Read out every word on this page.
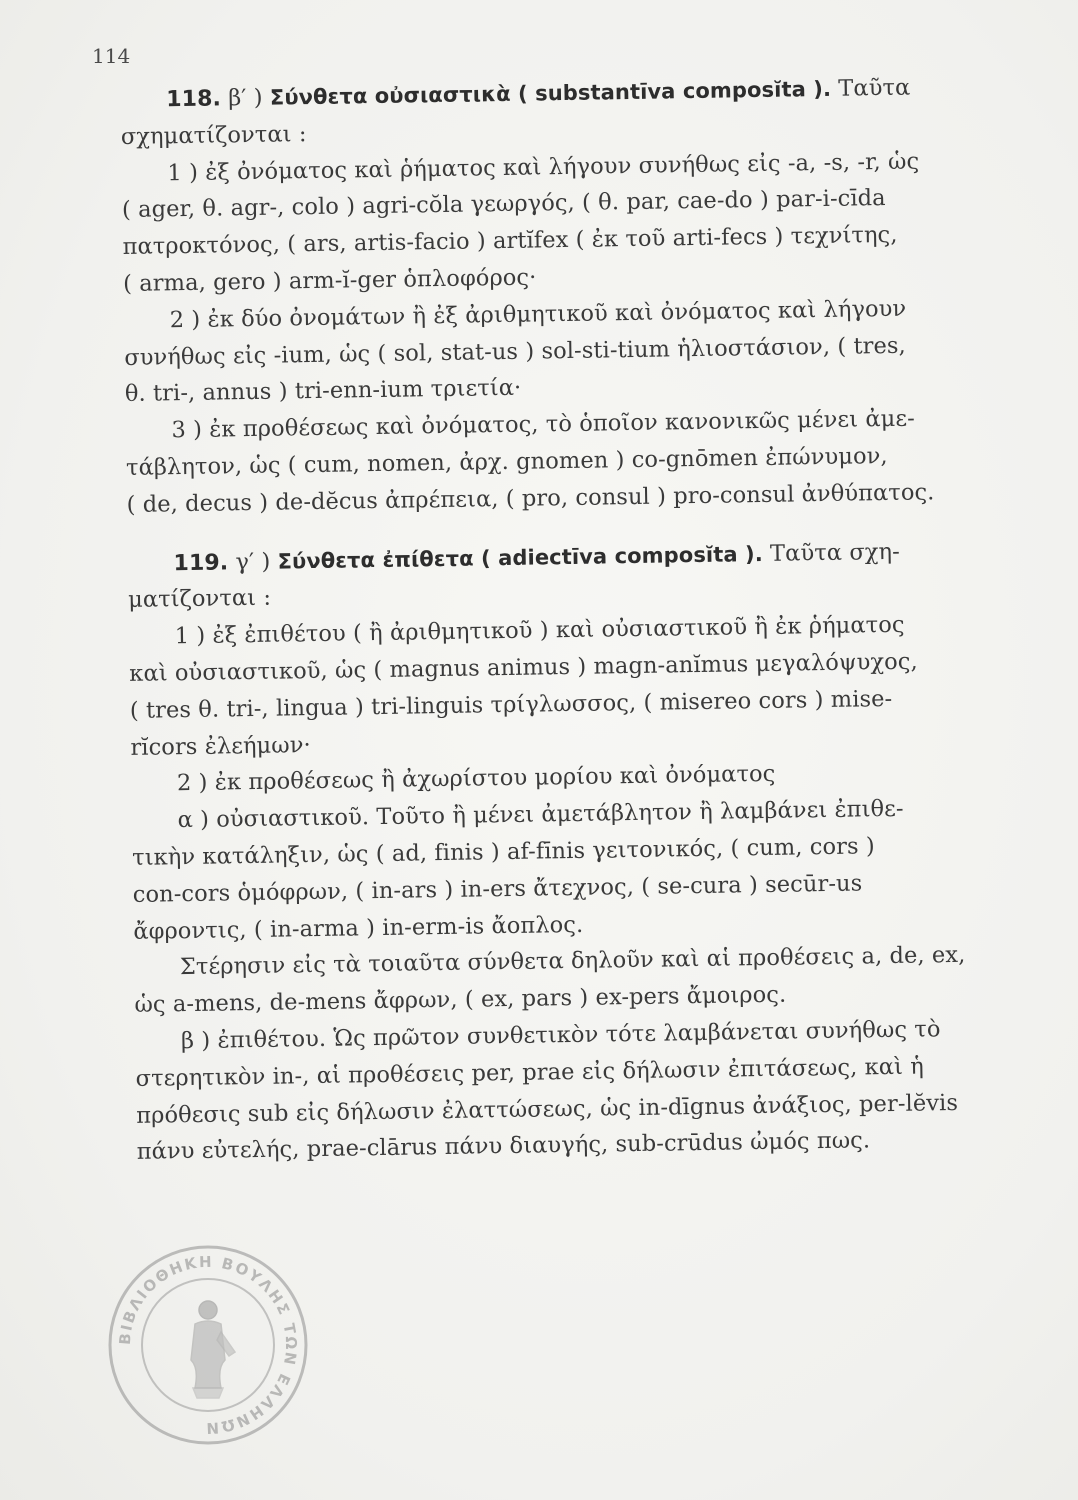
114
118. β′ ) Σύνθετα οὐσιαστικὰ ( substantīva composĭta ). Ταῦτα
σχηματίζονται :
1 ) ἐξ ὀνόματος καὶ ῥήματος καὶ λήγουν συνήθως εἰς -a, -s, -r, ὡς
( ager, θ. agr-, colo ) agri-cŏla γεωργός, ( θ. par, cae-do ) par-i-cīda
πατροκτόνος, ( ars, artis-facio ) artĭfex ( ἐκ τοῦ arti-fecs ) τεχνίτης,
( arma, gero ) arm-ĭ-ger ὁπλοφόρος·
2 ) ἐκ δύο ὀνομάτων ἢ ἐξ ἀριθμητικοῦ καὶ ὀνόματος καὶ λήγουν
συνήθως εἰς -ium, ὡς ( sol, stat-us ) sol-sti-tium ἡλιοστάσιον, ( tres,
θ. tri-, annus ) tri-enn-ium τριετία·
3 ) ἐκ προθέσεως καὶ ὀνόματος, τὸ ὁποῖον κανονικῶς μένει ἀμε-
τάβλητον, ὡς ( cum, nomen, ἀρχ. gnomen ) co-gnōmen ἐπώνυμον,
( de, decus ) de-dĕcus ἀπρέπεια, ( pro, consul ) pro-consul ἀνθύπατος.
119. γ′ ) Σύνθετα ἐπίθετα ( adiectīva composĭta ). Ταῦτα σχη-
ματίζονται :
1 ) ἐξ ἐπιθέτου ( ἢ ἀριθμητικοῦ ) καὶ οὐσιαστικοῦ ἢ ἐκ ῥήματος
καὶ οὐσιαστικοῦ, ὡς ( magnus animus ) magn-anĭmus μεγαλόψυχος,
( tres θ. tri-, lingua ) tri-linguis τρίγλωσσος, ( misereo cors ) mise-
rĭcors ἐλεήμων·
2 ) ἐκ προθέσεως ἢ ἀχωρίστου μορίου καὶ ὀνόματος
α ) οὐσιαστικοῦ. Τοῦτο ἢ μένει ἀμετάβλητον ἢ λαμβάνει ἐπιθε-
τικὴν κατάληξιν, ὡς ( ad, finis ) af-fīnis γειτονικός, ( cum, cors )
con-cors ὁμόφρων, ( in-ars ) in-ers ἄτεχνος, ( se-cura ) secūr-us
ἄφροντις, ( in-arma ) in-erm-is ἄοπλος.
Στέρησιν εἰς τὰ τοιαῦτα σύνθετα δηλοῦν καὶ αἱ προθέσεις a, de, ex,
ὡς a-mens, de-mens ἄφρων, ( ex, pars ) ex-pers ἄμοιρος.
β ) ἐπιθέτου. Ὡς πρῶτον συνθετικὸν τότε λαμβάνεται συνήθως τὸ
στερητικὸν in-, αἱ προθέσεις per, prae εἰς δήλωσιν ἐπιτάσεως, καὶ ἡ
πρόθεσις sub εἰς δήλωσιν ἐλαττώσεως, ὡς in-dīgnus ἀνάξιος, per-lĕvis
πάνυ εὐτελής, prae-clārus πάνυ διαυγής, sub-crūdus ὠμός πως.
ΒΙΒΛΙΟΘΗΚΗ ΒΟΥΛΗΣ ΤΩΝ ΕΛΛΗΝΩΝ
